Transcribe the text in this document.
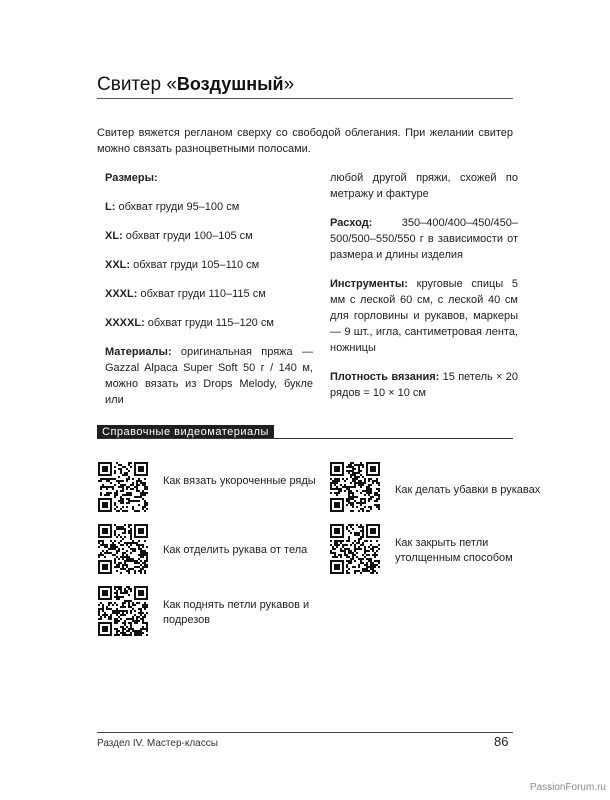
Свитер «Воздушный»
Свитер вяжется регланом сверху со свободой облегания. При желании свитер можно связать разноцветными полосами.

Размеры:

L: обхват груди 95–100 см

XL: обхват груди 100–105 см

XXL: обхват груди 105–110 см

XXXL: обхват груди 110–115 см

XXXXL: обхват груди 115–120 см

Материалы: оригинальная пряжа — Gazzal Alpaca Super Soft 50 г / 140 м, можно вязать из Drops Melody, букле или

любой другой пряжи, схожей по метражу и фактуре

Расход: 350–400/400–450/450–500/500–550/550 г в зависимости от размера и длины изделия

Инструменты: круговые спицы 5 мм с леской 60 см, с леской 40 см для горловины и рукавов, маркеры — 9 шт., игла, сантиметровая лента, ножницы

Плотность вязания: 15 петель × 20 рядов = 10 × 10 см

Справочные видеоматериалы
Как вязать укороченные ряды
Как отделить рукава от тела
Как поднять петли рукавов и подрезов
Как делать убавки в рукавах
Как закрыть петли утолщенным способом
Раздел IV. Мастер-классы	86
PassionForum.ru
